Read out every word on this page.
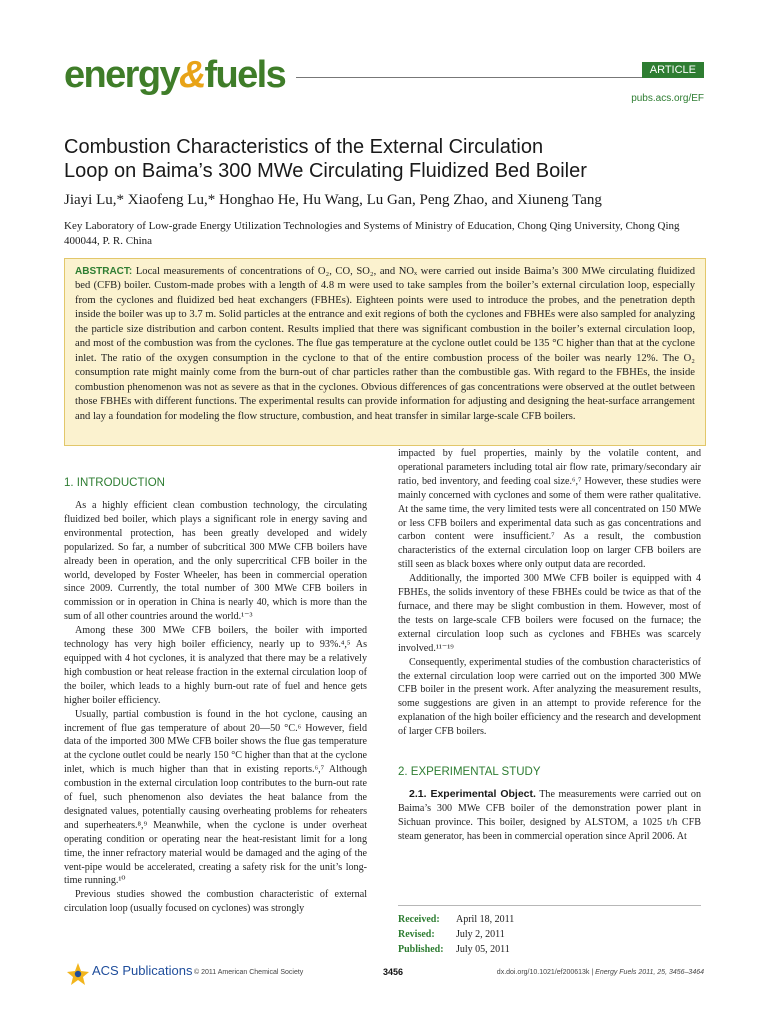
energy&fuels	ARTICLE
pubs.acs.org/EF
Combustion Characteristics of the External Circulation
Loop on Baima’s 300 MWe Circulating Fluidized Bed Boiler
Jiayi Lu,* Xiaofeng Lu,* Honghao He, Hu Wang, Lu Gan, Peng Zhao, and Xiuneng Tang
Key Laboratory of Low-grade Energy Utilization Technologies and Systems of Ministry of Education, Chong Qing University, Chong Qing 400044, P. R. China
ABSTRACT: Local measurements of concentrations of O₂, CO, SO₂, and NOₓ were carried out inside Baima’s 300 MWe circulating fluidized bed (CFB) boiler. Custom-made probes with a length of 4.8 m were used to take samples from the boiler’s external circulation loop, especially from the cyclones and fluidized bed heat exchangers (FBHEs). Eighteen points were used to introduce the probes, and the penetration depth inside the boiler was up to 3.7 m. Solid particles at the entrance and exit regions of both the cyclones and FBHEs were also sampled for analyzing the particle size distribution and carbon content. Results implied that there was significant combustion in the boiler’s external circulation loop, and most of the combustion was from the cyclones. The flue gas temperature at the cyclone outlet could be 135 °C higher than that at the cyclone inlet. The ratio of the oxygen consumption in the cyclone to that of the entire combustion process of the boiler was nearly 12%. The O₂ consumption rate might mainly come from the burn-out of char particles rather than the combustible gas. With regard to the FBHEs, the inside combustion phenomenon was not as severe as that in the cyclones. Obvious differences of gas concentrations were observed at the outlet between those FBHEs with different functions. The experimental results can provide information for adjusting and designing the heat-surface arrangement and lay a foundation for modeling the flow structure, combustion, and heat transfer in similar large-scale CFB boilers.
1. INTRODUCTION

As a highly efficient clean combustion technology, the circulating fluidized bed boiler, which plays a significant role in energy saving and environmental protection, has been greatly developed and widely popularized. So far, a number of subcritical 300 MWe CFB boilers have already been in operation, and the only supercritical CFB boiler in the world, developed by Foster Wheeler, has been in commercial operation since 2009. Currently, the total number of 300 MWe CFB boilers in commission or in operation in China is nearly 40, which is more than the sum of all other countries around the world.¹⁻³

Among these 300 MWe CFB boilers, the boiler with imported technology has very high boiler efficiency, nearly up to 93%.⁴,⁵ As equipped with 4 hot cyclones, it is analyzed that there may be a relatively high combustion or heat release fraction in the external circulation loop of the boiler, which leads to a highly burn-out rate of fuel and hence gets higher boiler efficiency.

Usually, partial combustion is found in the hot cyclone, causing an increment of flue gas temperature of about 20—50 °C.⁶ However, field data of the imported 300 MWe CFB boiler shows the flue gas temperature at the cyclone outlet could be nearly 150 °C higher than that at the cyclone inlet, which is much higher than that in existing reports.⁶,⁷ Although combustion in the external circulation loop contributes to the burn-out rate of fuel, such phenomenon also deviates the heat balance from the designated values, potentially causing overheating problems for reheaters and superheaters.⁸,⁹ Meanwhile, when the cyclone is under overheat operating condition or operating near the heat-resistant limit for a long time, the inner refractory material would be damaged and the aging of the vent-pipe would be accelerated, creating a safety risk for the unit’s long-time running.¹⁰

Previous studies showed the combustion characteristic of external circulation loop (usually focused on cyclones) was strongly

impacted by fuel properties, mainly by the volatile content, and operational parameters including total air flow rate, primary/secondary air ratio, bed inventory, and feeding coal size.⁶,⁷ However, these studies were mainly concerned with cyclones and some of them were rather qualitative. At the same time, the very limited tests were all concentrated on 150 MWe or less CFB boilers and experimental data such as gas concentrations and carbon content were insufficient.⁷ As a result, the combustion characteristics of the external circulation loop on larger CFB boilers are still seen as black boxes where only output data are recorded.

Additionally, the imported 300 MWe CFB boiler is equipped with 4 FBHEs, the solids inventory of these FBHEs could be twice as that of the furnace, and there may be slight combustion in them. However, most of the tests on large-scale CFB boilers were focused on the furnace; the external circulation loop such as cyclones and FBHEs was scarcely involved.¹¹⁻¹⁹

Consequently, experimental studies of the combustion characteristics of the external circulation loop were carried out on the imported 300 MWe CFB boiler in the present work. After analyzing the measurement results, some suggestions are given in an attempt to provide reference for the explanation of the high boiler efficiency and the research and development of larger CFB boilers.

2. EXPERIMENTAL STUDY

2.1. Experimental Object. The measurements were carried out on Baima’s 300 MWe CFB boiler of the demonstration power plant in Sichuan province. This boiler, designed by ALSTOM, a 1025 t/h CFB steam generator, has been in commercial operation since April 2006. At

Received: April 18, 2011
Revised: July 2, 2011
Published: July 05, 2011
ACS Publications © 2011 American Chemical Society	3456	dx.doi.org/10.1021/ef200613k | Energy Fuels 2011, 25, 3456–3464
